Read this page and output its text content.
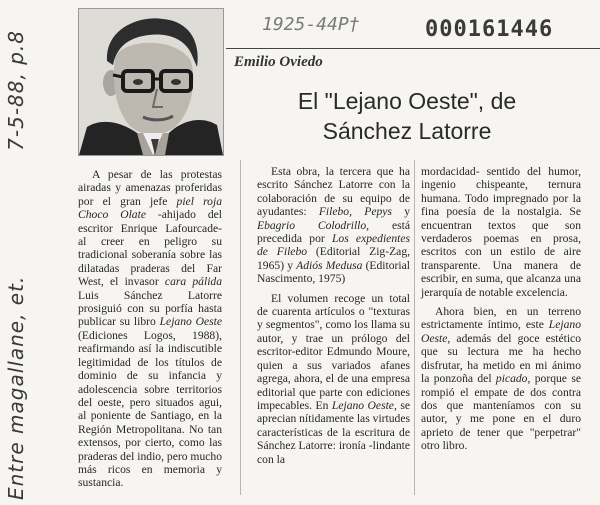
Entre magallane, et.
7-5-88, p.8
1925-44P†	000161446
Emilio Oviedo
El "Lejano Oeste", de
Sánchez Latorre

A pesar de las protestas airadas y amenazas proferidas por el gran jefe piel roja Choco Olate -ahijado del escritor Enrique Lafourcade- al creer en peligro su tradicional soberanía sobre las dilatadas praderas del Far West, el invasor cara pálida Luis Sánchez Latorre prosiguió con su porfía hasta publicar su libro Lejano Oeste (Ediciones Logos, 1988), reafirmando así la indiscutible legitimidad de los títulos de dominio de su infancia y adolescencia sobre territorios del oeste, pero situados agui, al poniente de Santiago, en la Región Metropolitana. No tan extensos, por cierto, como las praderas del indio, pero mucho más ricos en memoria y sustancia.

Esta obra, la tercera que ha escrito Sánchez Latorre con la colaboración de su equipo de ayudantes: Filebo, Pepys y Ebagrio Colodrillo, está precedida por Los expedientes de Filebo (Editorial Zig-Zag, 1965) y Adiós Medusa (Editorial Nascimento, 1975)

El volumen recoge un total de cuarenta artículos o "texturas y segmentos", como los llama su autor, y trae un prólogo del escritor-editor Edmundo Moure, quien a sus variados afanes agrega, ahora, el de una empresa editorial que parte con ediciones impecables. En Lejano Oeste, se aprecian nítidamente las virtudes características de la escritura de Sánchez Latorre: ironía -lindante con la

mordacidad- sentido del humor, ingenio chispeante, ternura humana. Todo impregnado por la fina poesía de la nostalgia. Se encuentran textos que son verdaderos poemas en prosa, escritos con un estilo de aire transparente. Una manera de escribir, en suma, que alcanza una jerarquía de notable excelencia.

Ahora bien, en un terreno estrictamente íntimo, este Lejano Oeste, además del goce estético que su lectura me ha hecho disfrutar, ha metido en mi ánimo la ponzoña del picado, porque se rompió el empate de dos contra dos que manteníamos con su autor, y me pone en el duro aprieto de tener que "perpetrar" otro libro.
